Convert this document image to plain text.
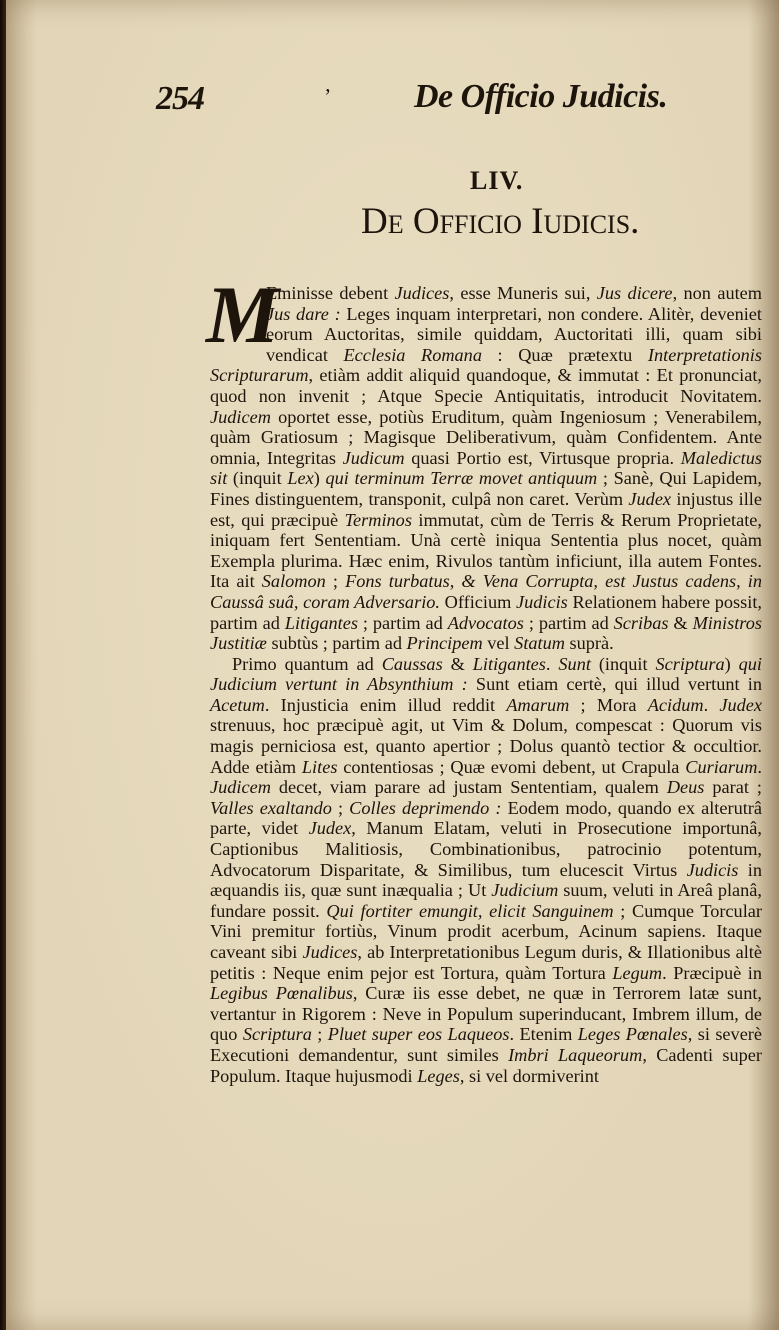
254	ʼ De Officio Judicis.
LIV.
De Officio Iudicis.
M

Eminisse debent Judices, esse Muneris sui, Jus dicere, non autem Jus dare : Leges inquam interpretari, non condere. Alitèr, deveniet eorum Auctoritas, simile quiddam, Auctoritati illi, quam sibi vendicat Ecclesia Romana : Quæ prætextu Interpretationis Scripturarum, etiàm addit aliquid quandoque, & immutat : Et pronunciat, quod non invenit ; Atque Specie Antiquitatis, introducit Novitatem. Judicem oportet esse, potiùs Eruditum, quàm Ingeniosum ; Venerabilem, quàm Gratiosum ; Magisque Deliberativum, quàm Confidentem. Ante omnia, Integritas Judicum quasi Portio est, Virtusque propria. Maledictus sit (inquit Lex) qui terminum Terræ movet antiquum ; Sanè, Qui Lapidem, Fines distinguentem, transponit, culpâ non caret. Verùm Judex injustus ille est, qui præcipuè Terminos immutat, cùm de Terris & Rerum Proprietate, iniquam fert Sententiam. Unà certè iniqua Sententia plus nocet, quàm Exempla plurima. Hæc enim, Rivulos tantùm inficiunt, illa autem Fontes. Ita ait Salomon ; Fons turbatus, & Vena Corrupta, est Justus cadens, in Caussâ suâ, coram Adversario. Officium Judicis Relationem habere possit, partim ad Litigantes ; partim ad Advocatos ; partim ad Scribas & Ministros Justitiæ subtùs ; partim ad Principem vel Statum suprà.

Primo quantum ad Caussas & Litigantes. Sunt (inquit Scriptura) qui Judicium vertunt in Absynthium : Sunt etiam certè, qui illud vertunt in Acetum. Injusticia enim illud reddit Amarum ; Mora Acidum. Judex strenuus, hoc præcipuè agit, ut Vim & Dolum, compescat : Quorum vis magis perniciosa est, quanto apertior ; Dolus quantò tectior & occultior. Adde etiàm Lites contentiosas ; Quæ evomi debent, ut Crapula Curiarum. Judicem decet, viam parare ad justam Sententiam, qualem Deus parat ; Valles exaltando ; Colles deprimendo : Eodem modo, quando ex alterutrâ parte, videt Judex, Manum Elatam, veluti in Prosecutione importunâ, Captionibus Malitiosis, Combinationibus, patrocinio potentum, Advocatorum Disparitate, & Similibus, tum elucescit Virtus Judicis in æquandis iis, quæ sunt inæqualia ; Ut Judicium suum, veluti in Areâ planâ, fundare possit. Qui fortiter emungit, elicit Sanguinem ; Cumque Torcular Vini premitur fortiùs, Vinum prodit acerbum, Acinum sapiens. Itaque caveant sibi Judices, ab Interpretationibus Legum duris, & Illationibus altè petitis : Neque enim pejor est Tortura, quàm Tortura Legum. Præcipuè in Legibus Pœnalibus, Curæ iis esse debet, ne quæ in Terrorem latæ sunt, vertantur in Rigorem : Neve in Populum superinducant, Imbrem illum, de quo Scriptura ; Pluet super eos Laqueos. Etenim Leges Pœnales, si severè Executioni demandentur, sunt similes Imbri Laqueorum, Cadenti super Populum. Itaque hujusmodi Leges, si vel dormiverint
